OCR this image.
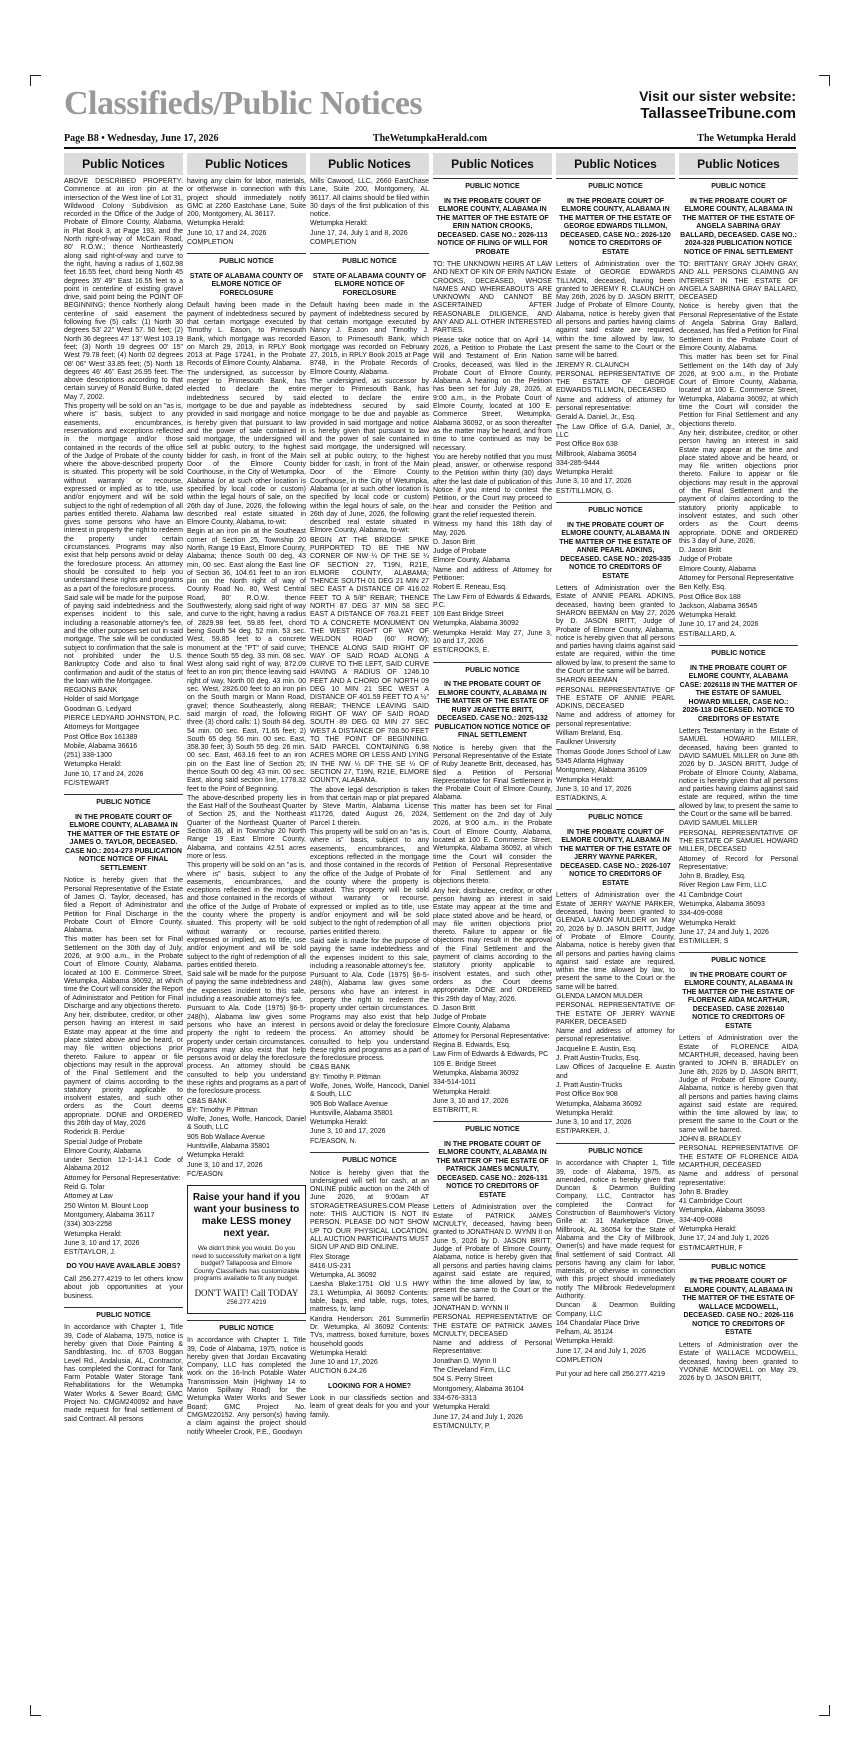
Classifieds/Public Notices	Visit our sister website:
TallasseeTribune.com
Page B8 • Wednesday, June 17, 2026	TheWetumpkaHerald.com	The Wetumpka Herald
Public Notices

ABOVE DESCRIBED PROPERTY: Commence at an iron pin at the intersection of the West line of Lot 31, Wildwood Colony Subdivision as recorded in the Office of the Judge of Probate of Elmore County, Alabama, in Plat Book 3, at Page 193, and the North right-of-way of McCain Road, 80' R.O.W.; thence Northeasterly along said right-of-way and curve to the right, having a radius of 1,602.98 feet 16.55 feet, chord being North 45 degrees 35' 49" East 16.55 feet to a point in centerline of existing gravel drive, said point being the POINT OF BEGINNING; thence Northerly along centerline of said easement the following five (5) calls: (1) North 30 degrees 53' 22" West 57. 50 feet; (2) North 36 degrees 47' 13" West 103.19 feet; (3) North 19 degrees 00' 15" West 79.78 feet; (4) North 02 degrees 08' 06" West 33.85 feet; (5) North 18 degrees 46' 46" East 26.95 feet. The above descriptions according to that certain survey of Ronald Burke, dated May 7, 2002.

This property will be sold on an "as is, where is" basis, subject to any easements, encumbrances, reservations and exceptions reflected in the mortgage and/or those contained in the records of the office of the Judge of Probate of the county where the above-described property is situated. This property will be sold without warranty or recourse, expressed or implied as to title, use and/or enjoyment and will be sold subject to the right of redemption of all parties entitled thereto. Alabama law gives some persons who have an interest in property the right to redeem the property under certain circumstances. Programs may also exist that help persons avoid or delay the foreclosure process. An attorney should be consulted to help you understand these rights and programs as a part of the foreclosure process.

Said sale will be made for the purpose of paying said indebtedness and the expenses incident to this sale, including a reasonable attorney's fee, and the other purposes set out in said mortgage. The sale will be conducted subject to confirmation that the sale is not prohibited under the U.S. Bankruptcy Code and also to final confirmation and audit of the status of the loan with the Mortgagee.

REGIONS BANK

Holder of said Mortgage

Goodman G. Ledyard

PIERCE LEDYARD JOHNSTON, P.C.

Attorneys for Mortgagee

Post Office Box 161389

Mobile, Alabama 36616

(251) 338-1300

Wetumpka Herald:

June 10, 17 and 24, 2026

FC/STEWART

PUBLIC NOTICE
IN THE PROBATE COURT OF ELMORE COUNTY, ALABAMA IN THE MATTER OF THE ESTATE OF JAMES O. TAYLOR, DECEASED. CASE NO.: 2014-273 PUBLICATION NOTICE NOTICE OF FINAL SETTLEMENT

Notice is hereby given that the Personal Representative of the Estate of James O. Taylor, deceased, has filed a Report of Administrator and Petition for Final Discharge in the Probate Court of Elmore County, Alabama.

This matter has been set for Final Settlement on the 30th day of July, 2026, at 9:00 a.m., in the Probate Court of Elmore County, Alabama, located at 100 E. Commerce Street, Wetumpka, Alabama 36092, at which time the Court will consider the Report of Administrator and Petition for Final Discharge and any objections thereto.

Any heir, distributee, creditor, or other person having an interest in said Estate may appear at the time and place stated above and be heard, or may file written objections prior thereto. Failure to appear or file objections may result in the approval of the Final Settlement and the payment of claims according to the statutory priority applicable to insolvent estates, and such other orders as the Court deems appropriate. DONE and ORDERED this 26th day of May, 2026

Roderick B. Perdue

Special Judge of Probate

Elmore County, Alabama

under Section 12-1-14.1 Code of Alabama 2012

Attorney for Personal Representative:

Reid G. Tolar

Attorney at Law

250 Winton M. Blount Loop

Montgomery, Alabama 36117

(334) 303-2258

Wetumpka Herald:

June 3, 10 and 17, 2026

EST/TAYLOR, J.

DO YOU HAVE AVAILABLE JOBS?

Call 256.277.4219 to let others know about job opportunities at your business.

PUBLIC NOTICE

In accordance with Chapter 1, Title 39, Code of Alabama, 1975, notice is hereby given that Dixie Painting & Sandblasting, Inc. of 6703 Boggan Level Rd., Andalusia, AL, Contractor, has completed the Contract for Tank Farm Potable Water Storage Tank Rehabilitations for the Wetumpka Water Works & Sewer Board; GMC Project No. CMGM240092 and have made request for final settlement of said Contract. All persons

Public Notices

having any claim for labor, materials, or otherwise in connection with this project should immediately notify GMC at 2260 Eastchase Lane, Suite 200, Montgomery, AL 36117.

Wetumpka Herald:

June 10, 17 and 24, 2026

COMPLETION

PUBLIC NOTICE
STATE OF ALABAMA COUNTY OF ELMORE NOTICE OF FORECLOSURE

Default having been made in the payment of indebtedness secured by that certain mortgage executed by Timothy L. Eason, to Primesouth Bank, which mortgage was recorded on March 29, 2013, in RPLY Book 2013 at Page 17241, in the Probate Records of Elmore County, Alabama.

The undersigned, as successor by merger to Primesouth Bank, has elected to declare the entire indebtedness secured by said mortgage to be due and payable as provided in said mortgage and notice is hereby given that pursuant to law and the power of sale contained in said mortgage, the undersigned will sell at public outcry, to the highest bidder for cash, in front of the Main Door of the Elmore County Courthouse, in the City of Wetumpka, Alabama (or at such other location is specified by local code or custom) within the legal hours of sale, on the 26th day of June, 2026, the following described real estate situated in Elmore County, Alabama, to-wit:

Begin at an iron pin at the Southeast corner of Section 25, Township 20 North, Range 19 East, Elmore County, Alabama; thence South 00 deg, 43 min, 00 sec. East along the East line of Section 36, 104.61 feet to an iron pin on the North right of way of County Road No. 80, West Central Road, 80' R.O.W. thence Southwesterly, along said right of way and curve to the right, having a radius of 2829.98 feet, 59.85 feet, chord being South 54 deg. 52 min. 53 sec. West, 59.85 feet to a concrete monument at the "PT" of said curve; thence South 55 deg. 33 min. 08 sec. West along said right of way, 872.09 feet to an iron pin; thence leaving said right of way, North 00 deg. 43 min. 00 sec. West, 2826.00 feet to an iron pin on the South margin or Mann Road, gravel; thence Southeasterly, along said margin of road, the following three (3) chord calls: 1) South 84 deg. 54 min. 00 sec. East, 71.65 feet; 2) South 65 deg. 56 min. 00 sec. East, 358.30 feet; 3) South 55 deg. 26 min. 00 sec. East, 463.16 feet to an iron pin on the East line of Section 25; thence South 00 deg. 43 min. 00 sec. East, along said section line, 1778.32 feet to the Point of Beginning.

The above-described property lies in the East Half of the Southeast Quarter of Section 25, and the Northeast Quarter of the Northeast Quarter of Section 36, all in Township 20 North Range 19 East Elmore County, Alabama, and contains 42.51 acres more or less.

This property will be sold on an "as is, where is" basis, subject to any easements, encumbrances, and exceptions reflected in the mortgage and those contained in the records of the office of the Judge of Probate of the county where the property is situated. This property will be sold without warranty or recourse, expressed or implied, as to title, use and/or enjoyment and will be sold subject to the right of redemption of all parties entitled thereto.

Said sale will be made for the purpose of paying the same indebtedness and the expenses incident to this sale, including a reasonable attorney's fee.

Pursuant to Ala. Code (1975) §6-5-248(h), Alabama law gives some persons who have an interest in property the right to redeem the property under certain circumstances. Programs may also exist that help persons avoid or delay the foreclosure process. An attorney should be consulted to help you understand these rights and programs as a part of the foreclosure process.

CB&S BANK

BY: Timothy P. Pittman

Wolfe, Jones, Wolfe, Hancock, Daniel & South, LLC

905 Bob Wallace Avenue

Huntsville, Alabama 35801

Wetumpka Herald:

June 3, 10 and 17, 2026

FC/EASON

Raise your hand if you want your business to make LESS money next year.
We didn't think you would. Do you need to successfully market on a tight budget? Tallapoosa and Elmore County Classifieds has customizable programs available to fit any budget.
DON'T WAIT! Call TODAY
256.277.4219
PUBLIC NOTICE

In accordance with Chapter 1, Title 39, Code of Alabama, 1975, notice is hereby given that Jordan Excavating Company, LLC has completed the work on the 16-Inch Potable Water Transmission Main (Highway 14 to Marion Spillway Road) for the Wetumpka Water Works and Sewer Board; GMC Project No. CMGM220152. Any person(s) having a claim against the project should notify Wheeler Crook, P.E., Goodwyn

Public Notices

Mills Cawood, LLC, 2660 EastChase Lane, Suite 200, Montgomery, AL 36117. All claims should be filed within 30 days of the first publication of this notice.

Wetumpka Herald:

June 17, 24, July 1 and 8, 2026

COMPLETION

PUBLIC NOTICE
STATE OF ALABAMA COUNTY OF ELMORE NOTICE OF FORECLOSURE

Default having been made in the payment of indebtedness secured by that certain mortgage executed by Nancy J. Eason and Timothy J. Eason, to Primesouth Bank, which mortgage was recorded on February 27, 2015, in RPLY Book 2015 at Page 8748, in the Probate Records of Elmore County, Alabama.

The undersigned, as successor by merger to Primesouth Bank, has elected to declare the entire indebtedness secured by said mortgage to be due and payable as provided in said mortgage and notice is hereby given that pursuant to law and the power of sale contained in said mortgage, the undersigned will sell at public outcry, to the highest bidder for cash, in front of the Main Door of the Elmore County Courthouse, in the City of Wetumpka, Alabama (or at such other location is specified by local code or custom) within the legal hours of sale, on the 26th day of June, 2026, the following described real estate situated in Elmore County, Alabama, to-wit:

BEGIN AT THE BRIDGE SPIKE PURPORTED TO BE THE NW CORNER OF NW ¼ OF THE SE ¼ OF SECTION 27, T19N, R21E, ELMORE COUNTY, ALABAMA; THENCE SOUTH 01 DEG 21 MIN 27 SEC EAST A DISTANCE OF 416.02 FEET TO A 5/8" REBAR; THENCE NORTH 87 DEG 37 MIN 58 SEC EAST A DISTANCE OF 763.21 FEET TO A CONCRETE MONUMENT ON THE WEST RIGHT OF WAY OF WELDON ROAD (60' ROW); THENCE ALONG SAID RIGHT OF WAY OF SAID ROAD ALONG A CURVE TO THE LEFT, SAID CURVE HAVING A RADIUS OF 1246.10 FEET AND A CHORD OF NORTH 09 DEG 10 MIN 21 SEC WEST A DISTANCE OF 401.59 FEET TO A ½" REBAR; THENCE LEAVING SAID RIGHT OF WAY OF SAID ROAD SOUTH 89 DEG 02 MIN 27 SEC WEST A DISTANCE OF 708.50 FEET TO THE POINT OF BEGINNING. SAID PARCEL CONTAINING 6.98 ACRES MORE OR LESS AND LYING IN THE NW ¼ OF THE SE ¼ OF SECTION 27, T19N, R21E, ELMORE COUNTY, ALABAMA.

The above legal description is taken from that certain map or plat prepared by Steve Martin, Alabama License #11726, dated August 26, 2024, Parcel 1 therein.

This property will be sold on an "as is, where is" basis, subject to any easements, encumbrances, and exceptions reflected in the mortgage and those contained in the records of the office of the Judge of Probate of the county where the property is situated. This property will be sold without warranty or recourse, expressed or implied as to title, use and/or enjoyment and will be sold subject to the right of redemption of all parties entitled thereto.

Said sale is made for the purpose of paying the same indebtedness and the expenses incident to this sale, including a reasonable attorney's fee.

Pursuant to Ala. Code (1975) §6-5-248(h), Alabama law gives some persons who have an interest in property the right to redeem the property under certain circumstances. Programs may also exist that help persons avoid or delay the foreclosure process. An attorney should be consulted to help you understand these rights and programs as a part of the foreclosure process.

CB&S BANK

BY: Timothy P. Pittman

Wolfe, Jones, Wolfe, Hancock, Daniel & South, LLC

905 Bob Wallace Avenue

Huntsville, Alabama 35801

Wetumpka Herald:

June 3, 10 and 17, 2026

FC/EASON, N.

PUBLIC NOTICE

Notice is hereby given that the undersigned will sell for cash, at an ONLINE public auction on the 24th of June 2026, at 9:00am AT STORAGETREASURES.COM Please note: THIS AUCTION IS NOT IN PERSON. PLEASE DO NOT SHOW UP TO OUR PHYSICAL LOCATION. ALL AUCTION PARTICIPANTS MUST SIGN UP AND BID ONLINE.

Flex Storage

8416 US-231

Wetumpka, AL 36092

Laesha Blake:1751 Old U.S HWY 23,1 Wetumpka, Al 36092 Contents: table, bags, end table, rugs, totes, mattress, tv, lamp

Kandra Henderson: 261 Summerlin Dr. Wetumpka, Al 36092 Contents: TVs, mattress, boxed furniture, boxes household goods

Wetumpka Herald:

June 10 and 17, 2026

AUCTION 6.24.26

LOOKING FOR A HOME?

Look in our classifieds section and learn of great deals for you and your family.

Public Notices
PUBLIC NOTICE
IN THE PROBATE COURT OF ELMORE COUNTY, ALABAMA IN THE MATTER OF THE ESTATE OF ERIN NATION CROOKS, DECEASED. CASE NO.: 2026-113 NOTICE OF FILING OF WILL FOR PROBATE

TO: THE UNKNOWN HEIRS AT LAW AND NEXT OF KIN OF ERIN NATION CROOKS, DECEASED, WHOSE NAMES AND WHEREABOUTS ARE UNKNOWN AND CANNOT BE ASCERTAINED AFTER REASONABLE DILIGENCE, AND ANY AND ALL OTHER INTERESTED PARTIES.

Please take notice that on April 14, 2026, a Petition to Probate the Last Will and Testament of Erin Nation Crooks, deceased, was filed in the Probate Court of Elmore County, Alabama. A hearing on the Petition has been set for July 28, 2026, at 9:00 a.m., in the Probate Court of Elmore County, located at 100 E. Commerce Street, Wetumpka, Alabama 36092, or as soon thereafter as the matter may be heard, and from time to time continued as may be necessary.

You are hereby notified that you must plead, answer, or otherwise respond to the Petition within thirty (30) days after the last date of publication of this Notice if you intend to contest the Petition, or the Court may proceed to hear and consider the Petition and grant the relief requested therein.

Witness my hand this 18th day of May, 2026.

D. Jason Britt

Judge of Probate

Elmore County, Alabama

Name and address of Attorney for Petitioner:

Robert E. Reneau, Esq.

The Law Firm of Edwards & Edwards, P.C.

109 East Bridge Street

Wetumpka, Alabama 36092

Wetumpka Herald: May 27, June 3, 10 and 17, 2026

EST/CROOKS, E.

PUBLIC NOTICE
IN THE PROBATE COURT OF ELMORE COUNTY, ALABAMA IN THE MATTER OF THE ESTATE OF RUBY JEANETTE BRITT, DECEASED. CASE NO.: 2025-132 PUBLICATION NOTICE NOTICE OF FINAL SETTLEMENT

Notice is hereby given that the Personal Representative of the Estate of Ruby Jeanette Britt, deceased, has filed a Petition of Personal Representative for Final Settlement in the Probate Court of Elmore County, Alabama.

This matter has been set for Final Settlement on the 2nd day of July 2026, at 9:00 a.m., in the Probate Court of Elmore County, Alabama, located at 100 E. Commerce Street, Wetumpka, Alabama 36092, at which time the Court will consider the Petition of Personal Representative for Final Settlement and any objections thereto.

Any heir, distributee, creditor, or other person having an interest in said Estate may appear at the time and place stated above and be heard, or may file written objections prior thereto. Failure to appear or file objections may result in the approval of the Final Settlement and the payment of claims according to the statutory priority applicable to insolvent estates, and such other orders as the Court deems appropriate. DONE and ORDERED this 29th day of May, 2026.

D. Jason Britt

Judge of Probate

Elmore County, Alabama

Attorney for Personal Representative:

Regina B. Edwards, Esq.

Law Firm of Edwards & Edwards, PC

109 E. Bridge Street

Wetumpka, Alabama 36092

334-514-1011

Wetumpka Herald:

June 3, 10 and 17, 2026

EST/BRITT, R.

PUBLIC NOTICE
IN THE PROBATE COURT OF ELMORE COUNTY, ALABAMA IN THE MATTER OF THE ESTATE OF PATRICK JAMES MCNULTY, DECEASED. CASE NO.: 2026-131 NOTICE TO CREDITORS OF ESTATE

Letters of Administration over the Estate of PATRICK JAMES MCNULTY, deceased, having been granted to JONATHAN D. WYNN II on June 5, 2026 by D. JASON BRITT, Judge of Probate of Elmore County, Alabama, notice is hereby given that all persons and parties having claims against said estate are required, within the time allowed by law, to present the same to the Court or the same will be barred.

JONATHAN D. WYNN II

PERSONAL REPRESENTATIVE OF THE ESTATE OF PATRICK JAMES MCNULTY, DECEASED

Name and address of Personal Representative:

Jonathan D. Wynn II

The Cleveland Firm, LLC

504 S. Perry Street

Montgomery, Alabama 36104

334-676-3313

Wetumpka Herald:

June 17, 24 and July 1, 2026

EST/MCNULTY, P.

Public Notices
PUBLIC NOTICE
IN THE PROBATE COURT OF ELMORE COUNTY, ALABAMA IN THE MATTER OF THE ESTATE OF GEORGE EDWARDS TILLMON, DECEASED. CASE NO.: 2026-120 NOTICE TO CREDITORS OF ESTATE

Letters of Administration over the Estate of GEORGE EDWARDS TILLMON, deceased, having been granted to JEREMY R. CLAUNCH on May 26th, 2026 by D. JASON BRITT, Judge of Probate of Elmore County, Alabama, notice is hereby given that all persons and parties having claims against said estate are required, within the time allowed by law, to present the same to the Court or the same will be barred.

JEREMY R. CLAUNCH

PERSONAL REPRESENTATIVE OF THE ESTATE OF GEORGE EDWARDS TILLMON, DECEASED

Name and address of attorney for personal representative:

Gerald A. Daniel, Jr., Esq.

The Law Office of G.A. Daniel, Jr., LLC

Post Office Box 638

Millbrook, Alabama 36054

334-285-9444

Wetumpka Herald:

June 3, 10 and 17, 2026

EST/TILLMON, G.

PUBLIC NOTICE
IN THE PROBATE COURT OF ELMORE COUNTY, ALABAMA IN THE MATTER OF THE ESTATE OF ANNIE PEARL ADKINS, DECEASED. CASE NO.: 2025-335 NOTICE TO CREDITORS OF ESTATE

Letters of Administration over the Estate of ANNIE PEARL ADKINS, deceased, having been granted to SHARON BEEMAN on May 27, 2026 by D. JASON BRITT, Judge of Probate of Elmore County, Alabama, notice is hereby given that all persons and parties having claims against said estate are required, within the time allowed by law, to present the same to the Court or the same will be barred.

SHARON BEEMAN

PERSONAL REPRESENTATIVE OF THE ESTATE OF ANNIE PEARL ADKINS, DECEASED

Name and address of attorney for personal representative:

William Breland, Esq.

Faulkner University

Thomas Goode Jones School of Law

5345 Atlanta Highway

Montgomery, Alabama 36109

Wetumpka Herald:

June 3, 10 and 17, 2026

EST/ADKINS, A.

PUBLIC NOTICE
IN THE PROBATE COURT OF ELMORE COUNTY, ALABAMA IN THE MATTER OF THE ESTATE OF JERRY WAYNE PARKER, DECEASED. CASE NO.: 2026-107 NOTICE TO CREDITORS OF ESTATE

Letters of Administration over the Estate of JERRY WAYNE PARKER, deceased, having been granted to GLENDA LAMON MULDER on May 20, 2026 by D. JASON BRITT, Judge of Probate of Elmore County, Alabama, notice is hereby given that all persons and parties having claims against said estate are required, within the time allowed by law, to present the same to the Court or the same will be barred.

GLENDA LAMON MULDER

PERSONAL REPRESENTATIVE OF THE ESTATE OF JERRY WAYNE PARKER, DECEASED

Name and address of attorney for personal representative:

Jacqueline E. Austin, Esq.

J. Pratt Austin-Trucks, Esq.

Law Offices of Jacqueline E. Austin and

J. Pratt Austin-Trucks

Post Office Box 908

Wetumpka, Alabama 36092

Wetumpka Herald:

June 3, 10 and 17, 2026

EST/PARKER, J.

PUBLIC NOTICE

In accordance with Chapter 1, Title 39, code of Alabama, 1975, as amended, notice is hereby given that Duncan & Dearmon Building Company, LLC, Contractor has completed the Contract for Construction of Baumhower's Victory Grille at: 31 Marketplace Drive, Millbrook, AL 36054 for the State of Alabama and the City of Millbrook, Owner(s) and have made request for final settlement of said Contract. All persons having any claim for labor, materials, or otherwise in connection with this project should immediately notify The Millbrook Redevelopment Authority.

Duncan & Dearmon Building Company, LLC

164 Chandalar Place Drive

Pelham, AL 35124

Wetumpka Herald:

June 17, 24 and July 1, 2026

COMPLETION

Put your ad here call 256.277.4219

Public Notices
PUBLIC NOTICE
IN THE PROBATE COURT OF ELMORE COUNTY, ALABAMA IN THE MATTER OF THE ESTATE OF ANGELA SABRINA GRAY BALLARD, DECEASED. CASE NO.: 2024-328 PUBLICATION NOTICE NOTICE OF FINAL SETTLEMENT

TO: BRITTANY GRAY JOHN GRAY, AND ALL PERSONS CLAIMING AN INTEREST IN THE ESTATE OF ANGELA SABRINA GRAY BALLARD, DECEASED

Notice is hereby given that the Personal Representative of the Estate of Angela Sabrina Gray Ballard, deceased, has filed a Petition for Final Settlement in the Probate Court of Elmore County, Alabama.

This matter has been set for Final Settlement on the 14th day of July 2026, at 9:00 a.m., in the Probate Court of Elmore County, Alabama, located at 100 E. Commerce Street, Wetumpka, Alabama 36092, at which time the Court will consider the Petition for Final Settlement and any objections thereto.

Any heir, distributee, creditor, or other person having an interest in said Estate may appear at the time and place stated above and be heard, or may file written objections prior thereto. Failure to appear or file objections may result in the approval of the Final Settlement and the payment of claims according to the statutory priority applicable to insolvent estates, and such other orders as the Court deems appropriate. DONE and ORDERED this 3 day of June, 2026.

D. Jason Britt

Judge of Probate

Elmore County, Alabama

Attorney for Personal Representative

Ben Kelly, Esq.

Post Office Box 188

Jackson, Alabama 36545

Wetumpka Herald:

June 10, 17 and 24, 2026

EST/BALLARD, A.

PUBLIC NOTICE
IN THE PROBATE COURT OF ELMORE COUNTY, ALABAMA CASE: 2026118 IN THE MATTER OF THE ESTATE OF SAMUEL HOWARD MILLER, CASE NO.: 2026-118 DECEASED. NOTICE TO CREDITORS OF ESTATE

Letters Testamentary in the Estate of SAMUEL HOWARD MILLER, deceased, having been granted to DAVID SAMUEL MILLER on June 8th 2026 by D. JASON BRITT, Judge of Probate of Elmore County, Alabama, notice is hereby given that all persons and parties having claims against said estate are required, within the time allowed by law, to present the same to the Court or the same will be barred.

DAVID SAMUEL MILLER

PERSONAL REPRESENTATIVE OF THE ESTATE OF SAMUEL HOWARD MILLER, DECEASED

Attorney of Record for Personal Representative:

John B. Bradley, Esq.

River Region Law Firm, LLC

41 Cambridge Court

Wetumpka, Alabama 36093

334-409-0088

Wetumpka Herald:

June 17, 24 and July 1, 2026

EST/MILLER, S

PUBLIC NOTICE
IN THE PROBATE COURT OF ELMORE COUNTY, ALABAMA IN THE MATTER OF THE ESTATE OF FLORENCE AIDA MCARTHUR, DECEASED. CASE 2026140 NOTICE TO CREDITORS OF ESTATE

Letters of Administration over the Estate of FLORENCE AIDA MCARTHUR, deceased, having been granted to JOHN B. BRADLEY on June 8th, 2026 by D. JASON BRITT, Judge of Probate of Elmore County, Alabama, notice is hereby given that all persons and parties having claims against said estate are required, within the time allowed by law, to present the same to the Court or the same will be barred.

JOHN B. BRADLEY

PERSONAL REPRESENTATIVE OF THE ESTATE OF FLORENCE AIDA MCARTHUR, DECEASED

Name and address of personal representative:

John B. Bradley

41 Cambridge Court

Wetumpka, Alabama 36093

334-409-0088

Wetumpka Herald:

June 17, 24 and July 1, 2026

EST/MCARTHUR, F

PUBLIC NOTICE
IN THE PROBATE COURT OF ELMORE COUNTY, ALABAMA IN THE MATTER OF THE ESTATE OF WALLACE MCDOWELL, DECEASED. CASE NO.: 2026-116 NOTICE TO CREDITORS OF ESTATE

Letters of Administration over the Estate of WALLACE MCDOWELL, deceased, having been granted to YVONNE MCDOWELL on May 29, 2026 by D. JASON BRITT,
